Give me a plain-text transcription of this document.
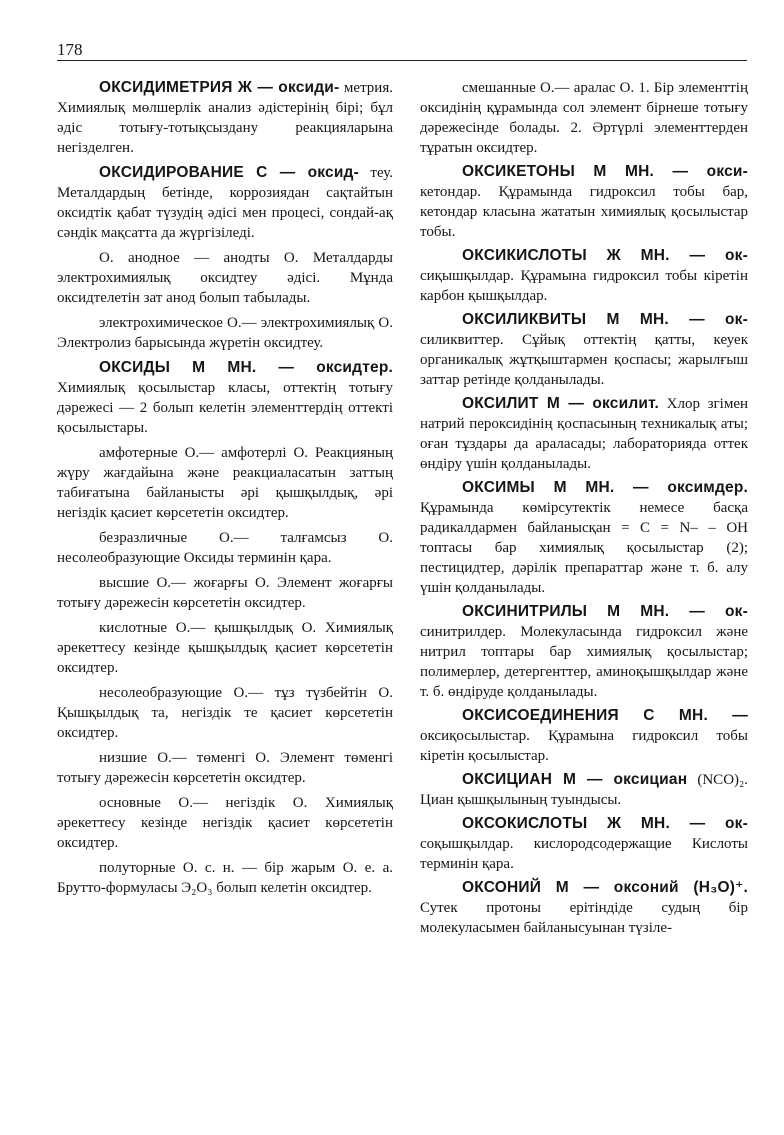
178

ОКСИДИМЕТРИЯ Ж — оксиди- метрия. Химиялық мөлшерлік анализ әдістерінің бірі; бұл әдіс тотығу-тотықсыздану реакцияларына негізделген.

ОКСИДИРОВАНИЕ С — оксид- теу. Металдардың бетінде, коррозиядан сақтайтын оксидтік қабат түзудің әдісі мен процесі, сондай-ақ сәндік мақсатта да жүргізіледі.

О. анодное — анодты О. Металдарды электрохимиялық оксидтеу әдісі. Мұнда оксидтелетін зат анод болып табылады.

электрохимическое О.— электрохимиялық О. Электролиз барысында жүретін оксидтеу.

ОКСИДЫ М МН. — оксидтер. Химиялық қосылыстар класы, оттектің тотығу дәрежесі — 2 болып келетін элементтердің оттекті қосылыстары.

амфотерные О.— амфотерлі О. Реакцияның жүру жағдайына және реакциаласатын заттың табиғатына байланысты әрі қышқылдық, әрі негіздік қасиет көрсететін оксидтер.

безразличные О.— талғамсыз О. несолеобразующие Оксиды терминін қара.

высшие О.— жоғарғы О. Элемент жоғарғы тотығу дәрежесін көрсететін оксидтер.

кислотные О.— қышқылдық О. Химиялық әрекеттесу кезінде қышқылдық қасиет көрсететін оксидтер.

несолеобразующие О.— тұз түзбейтін О. Қышқылдық та, негіздік те қасиет көрсететін оксидтер.

низшие О.— төменгі О. Элемент төменгі тотығу дәрежесін көрсететін оксидтер.

основные О.— негіздік О. Химиялық әрекеттесу кезінде негіздік қасиет көрсететін оксидтер.

полуторные О. с. н. — бір жарым О. е. а. Брутто-формуласы Э₂О₃ болып келетін оксидтер.

смешанные О.— аралас О. 1. Бір элементтің оксидінің құрамында сол элемент бірнеше тотығу дәрежесінде болады. 2. Әртүрлі элементтерден тұратын оксидтер.

ОКСИКЕТОНЫ М МН. — окси- кетондар. Құрамында гидроксил тобы бар, кетондар класына жататын химиялық қосылыстар тобы.

ОКСИКИСЛОТЫ Ж МН. — ок- сиқышқылдар. Құрамына гидроксил тобы кіретін карбон қышқылдар.

ОКСИЛИКВИТЫ М МН. — ок- силиквиттер. Сұйық оттектің қатты, кеуек органикалық жұтқыштармен қоспасы; жарылғыш заттар ретінде қолданылады.

ОКСИЛИТ М — оксилит. Хлор згімен натрий пероксидінің қоспасының техникалық аты; оған тұздары да араласады; лабораторияда оттек өндіру үшін қолданылады.

ОКСИМЫ М МН. — оксимдер. Құрамында көмірсутектік немесе басқа радикалдармен байланысқан = C = N– – OH топтасы бар химиялық қосылыстар (2); пестицидтер, дәрілік препараттар және т. б. алу үшін қолданылады.

ОКСИНИТРИЛЫ М МН. — ок- синитрилдер. Молекуласында гидроксил және нитрил топтары бар химиялық қосылыстар; полимерлер, детергенттер, аминоқышқылдар және т. б. өндіруде қолданылады.

ОКСИСОЕДИНЕНИЯ С МН. — оксиқосылыстар. Құрамына гидроксил тобы кіретін қосылыстар.

ОКСИЦИАН М — оксициан (NCO)₂. Циан қышқылының туындысы.

ОКСОКИСЛОТЫ Ж МН. — ок- соқышқылдар. кислородсодержащие Кислоты терминін қара.

ОКСОНИЙ М — оксоний (H₃O)⁺. Сутек протоны ерітіндіде судың бір молекуласымен байланысуынан түзіле-
